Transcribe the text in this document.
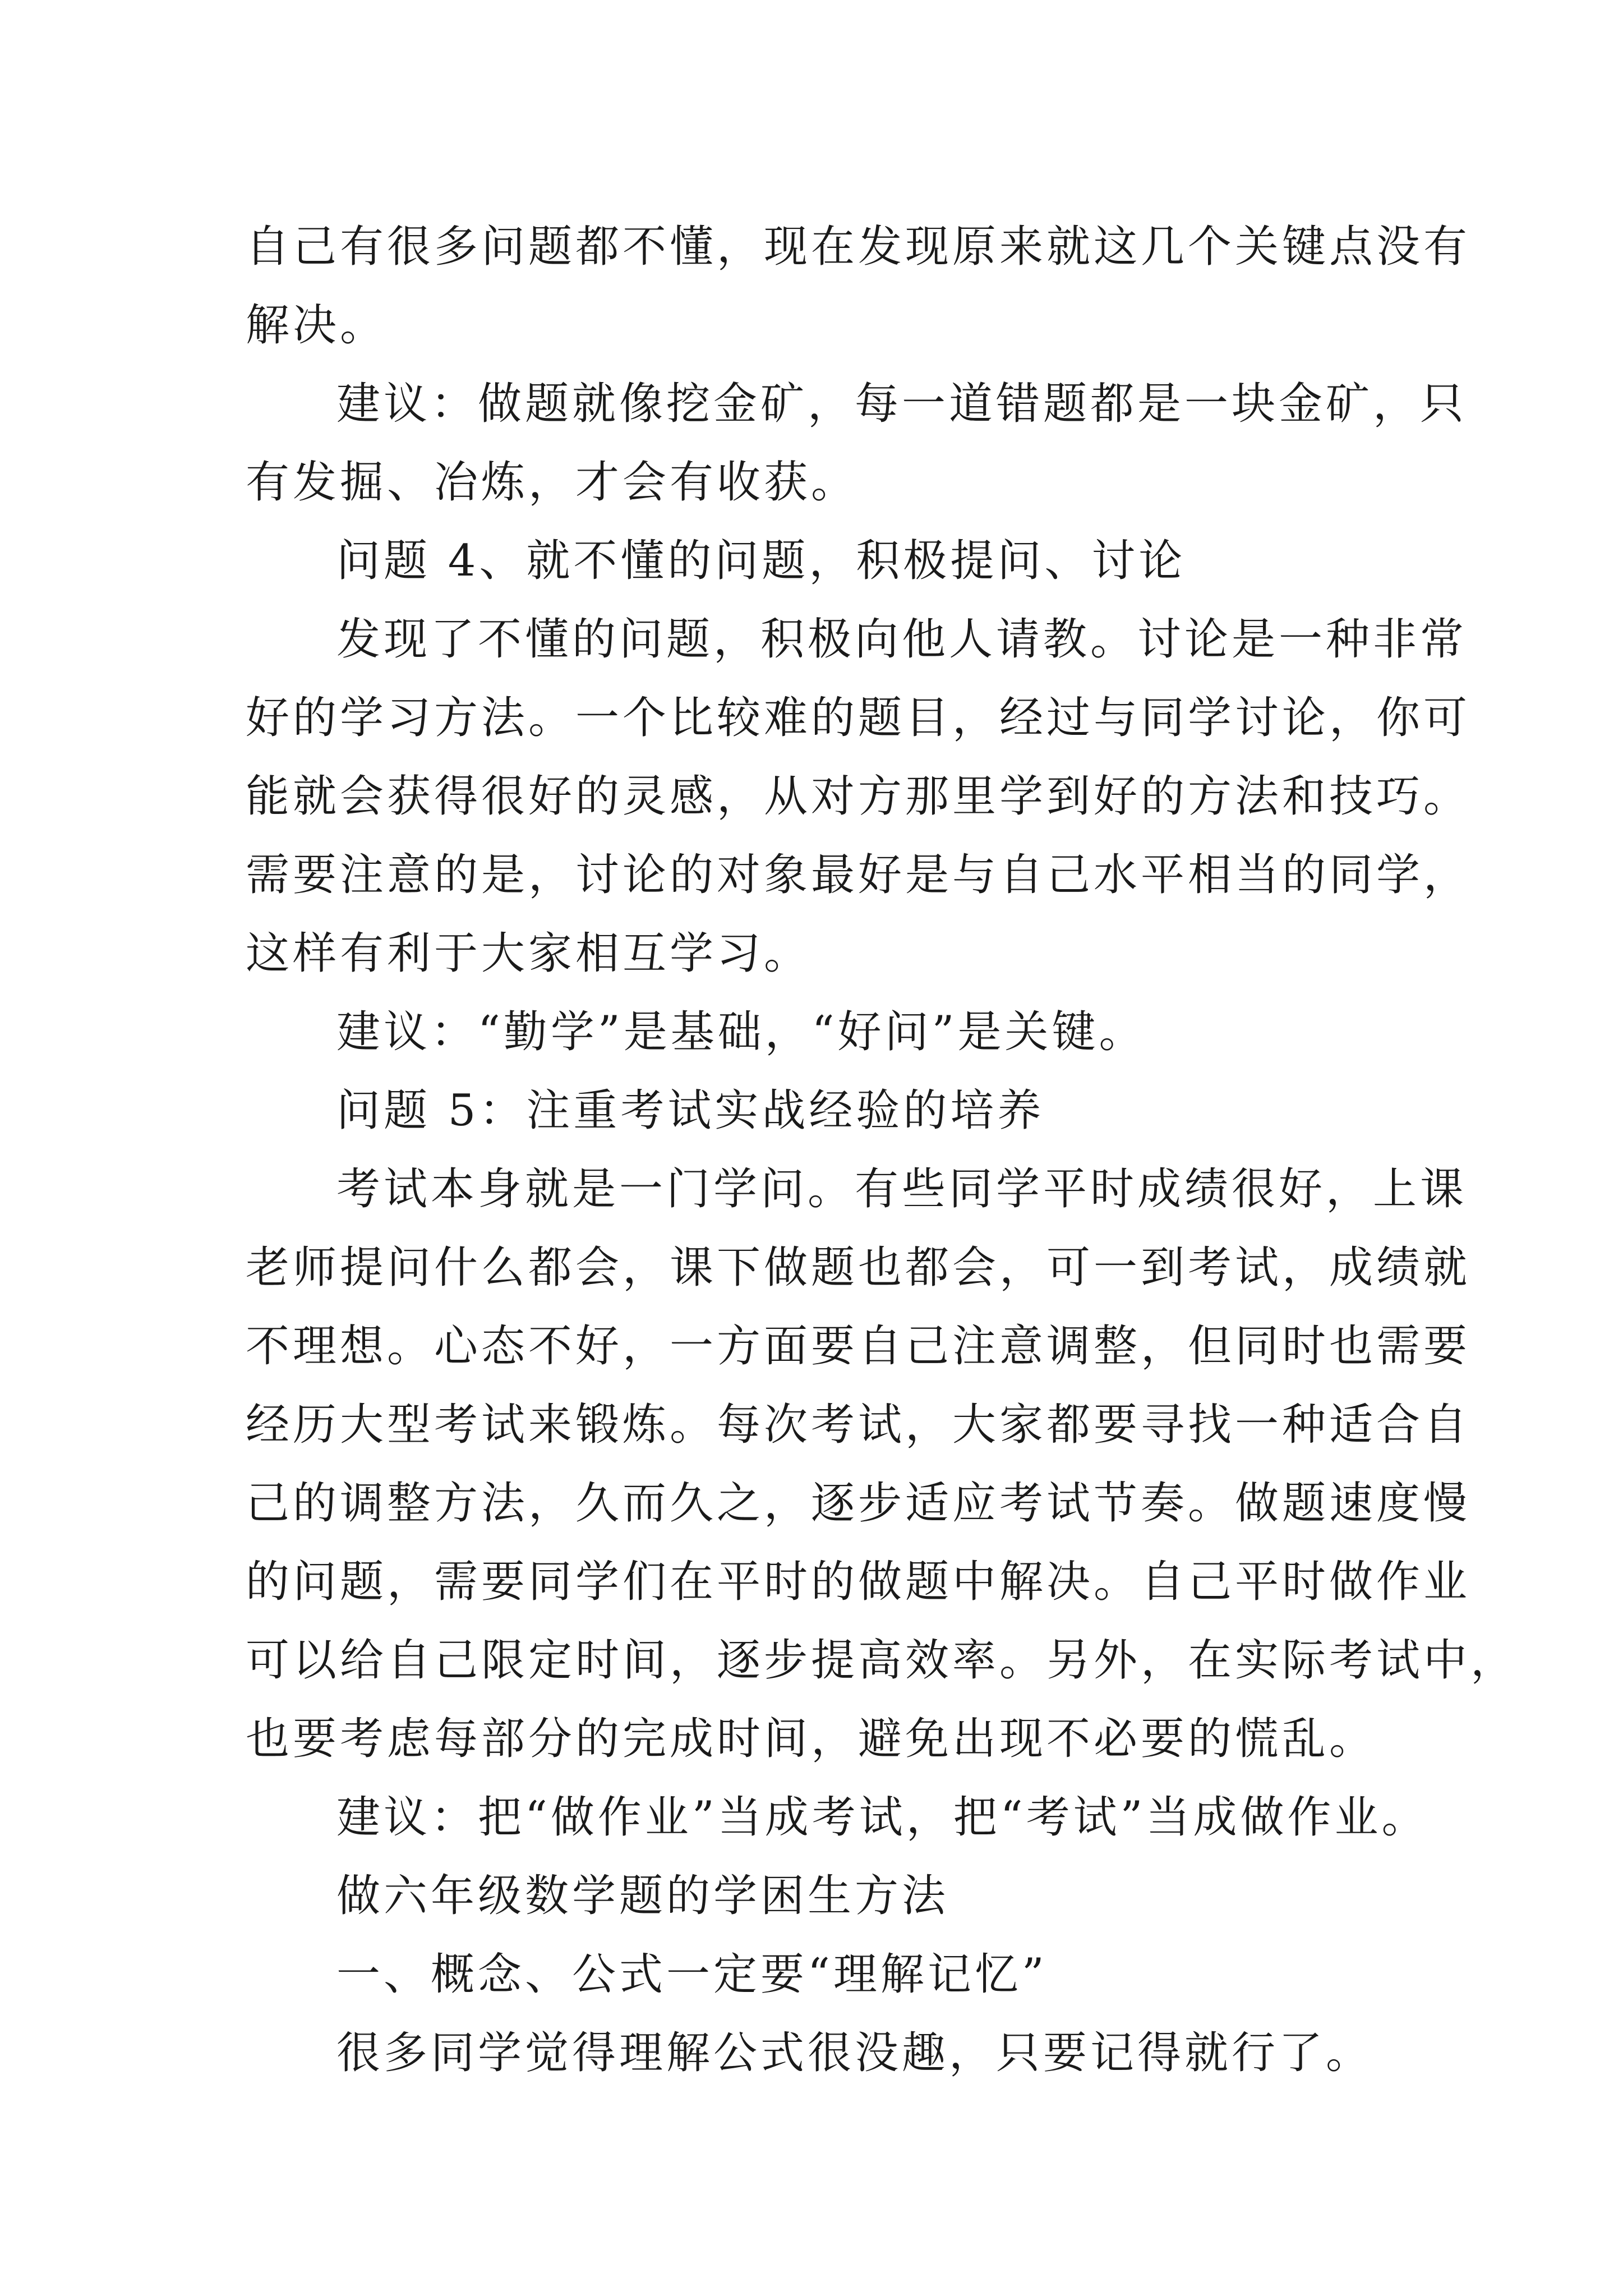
自己有很多问题都不懂，现在发现原来就这几个关键点没有
解决。
建议：做题就像挖金矿，每一道错题都是一块金矿，只
有发掘、冶炼，才会有收获。
问题 4、就不懂的问题，积极提问、讨论
发现了不懂的问题，积极向他人请教。讨论是一种非常
好的学习方法。一个比较难的题目，经过与同学讨论，你可
能就会获得很好的灵感，从对方那里学到好的方法和技巧。
需要注意的是，讨论的对象最好是与自己水平相当的同学，
这样有利于大家相互学习。
建议：“勤学”是基础，“好问”是关键。
问题 5：注重考试实战经验的培养
考试本身就是一门学问。有些同学平时成绩很好，上课
老师提问什么都会，课下做题也都会，可一到考试，成绩就
不理想。心态不好，一方面要自己注意调整，但同时也需要
经历大型考试来锻炼。每次考试，大家都要寻找一种适合自
己的调整方法，久而久之，逐步适应考试节奏。做题速度慢
的问题，需要同学们在平时的做题中解决。自己平时做作业
可以给自己限定时间，逐步提高效率。另外，在实际考试中，
也要考虑每部分的完成时间，避免出现不必要的慌乱。
建议：把“做作业”当成考试，把“考试”当成做作业。
做六年级数学题的学困生方法
一、概念、公式一定要“理解记忆”
很多同学觉得理解公式很没趣，只要记得就行了。
